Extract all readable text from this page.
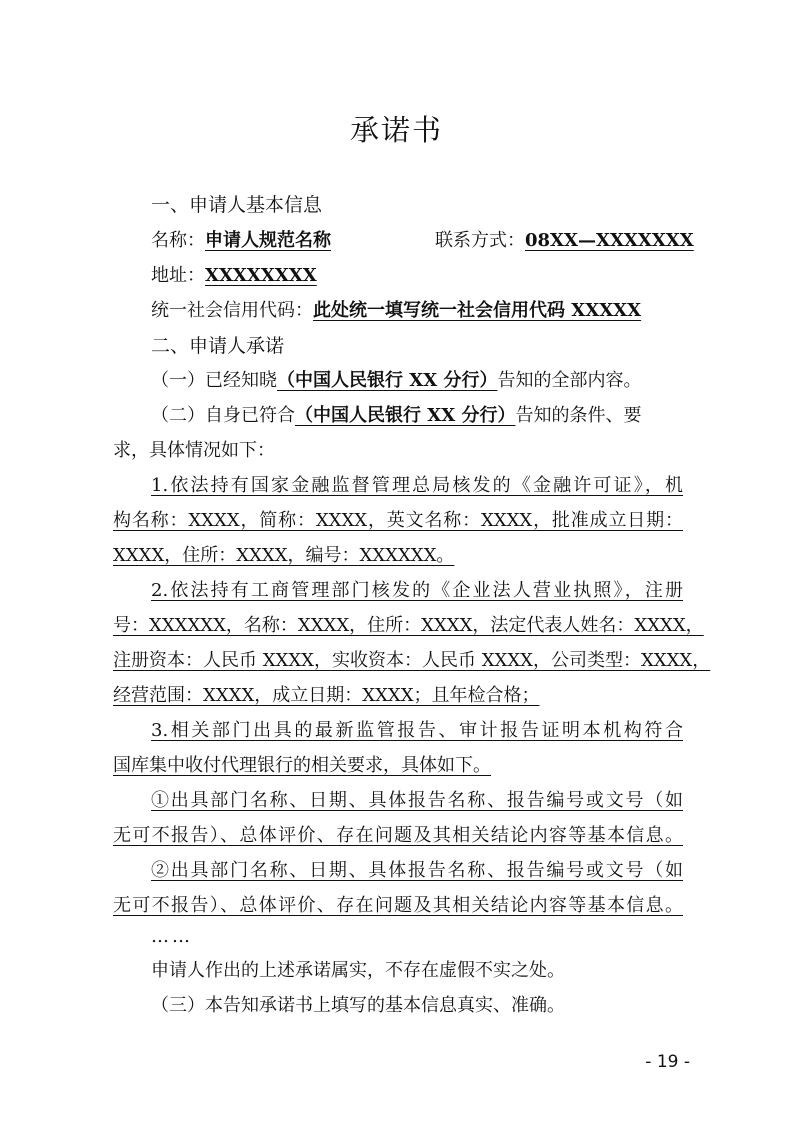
承诺书
一、申请人基本信息
名称：申请人规范名称	联系方式：08XX—XXXXXXX
地址：XXXXXXXX
统一社会信用代码：此处统一填写统一社会信用代码 XXXXX
二、申请人承诺
（一）已经知晓（中国人民银行 XX 分行）告知的全部内容。
（二）自身已符合（中国人民银行 XX 分行）告知的条件、要
求，具体情况如下：
1.依法持有国家金融监督管理总局核发的《金融许可证》，机
构名称：XXXX，简称：XXXX，英文名称：XXXX，批准成立日期：
XXXX，住所：XXXX，编号：XXXXXX。
2.依法持有工商管理部门核发的《企业法人营业执照》，注册
号：XXXXXX，名称：XXXX，住所：XXXX，法定代表人姓名：XXXX，
注册资本：人民币 XXXX，实收资本：人民币 XXXX，公司类型：XXXX，
经营范围：XXXX，成立日期：XXXX；且年检合格；
3.相关部门出具的最新监管报告、审计报告证明本机构符合
国库集中收付代理银行的相关要求，具体如下。
①出具部门名称、日期、具体报告名称、报告编号或文号（如
无可不报告）、总体评价、存在问题及其相关结论内容等基本信息。
②出具部门名称、日期、具体报告名称、报告编号或文号（如
无可不报告）、总体评价、存在问题及其相关结论内容等基本信息。
……
申请人作出的上述承诺属实，不存在虚假不实之处。
（三）本告知承诺书上填写的基本信息真实、准确。
- 19 -
